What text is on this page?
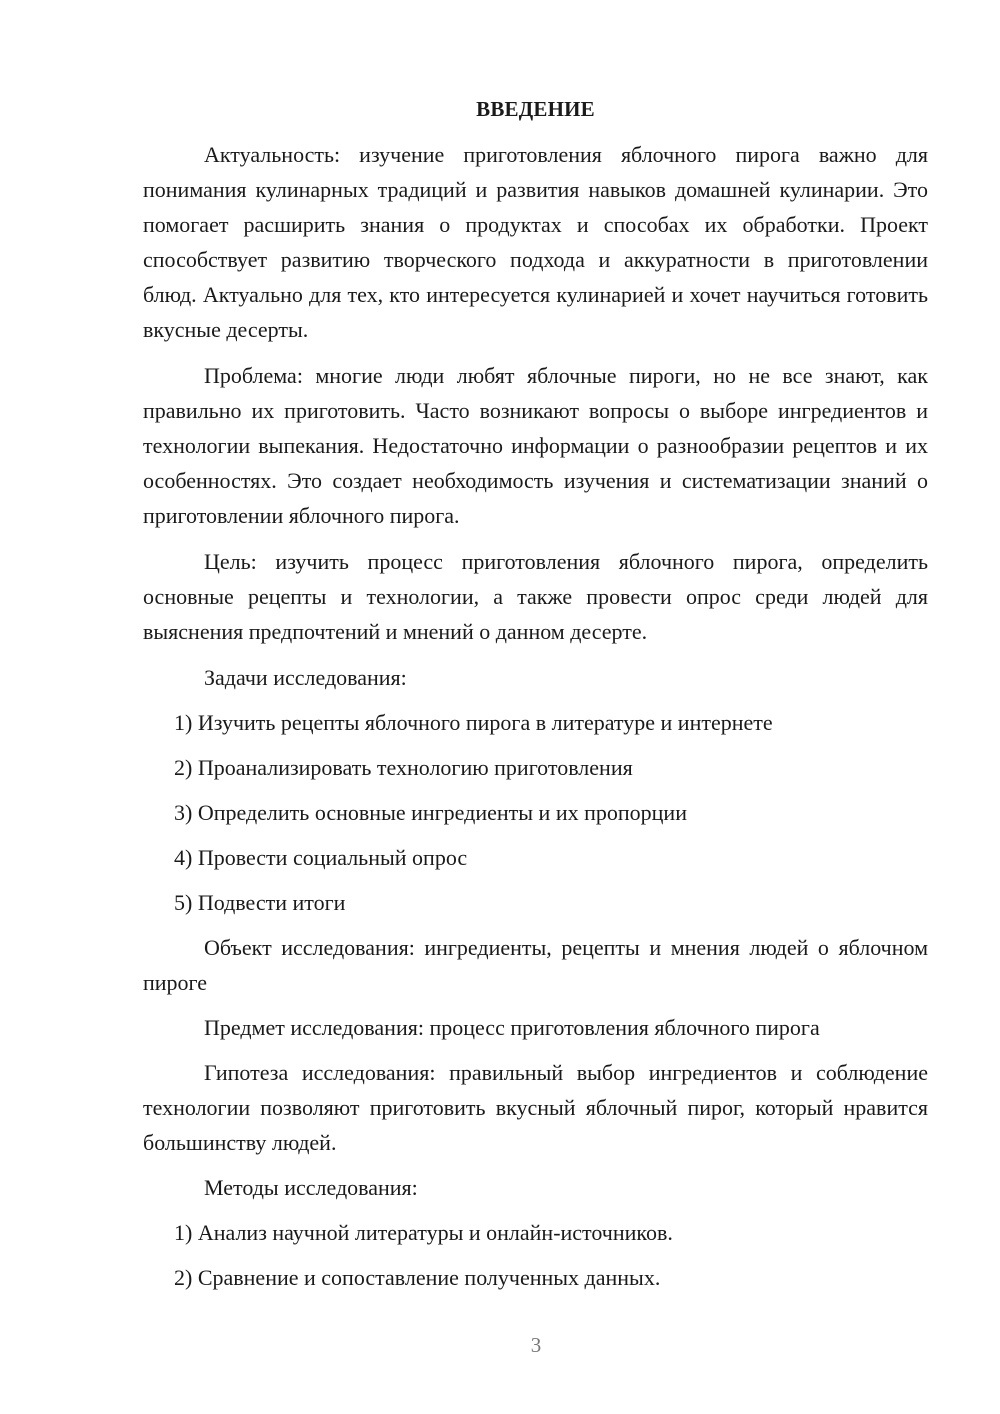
ВВЕДЕНИЕ

Актуальность: изучение приготовления яблочного пирога важно для понимания кулинарных традиций и развития навыков домашней кулинарии. Это помогает расширить знания о продуктах и способах их обработки. Проект способствует развитию творческого подхода и аккуратности в приготовлении блюд. Актуально для тех, кто интересуется кулинарией и хочет научиться готовить вкусные десерты.

Проблема: многие люди любят яблочные пироги, но не все знают, как правильно их приготовить. Часто возникают вопросы о выборе ингредиентов и технологии выпекания. Недостаточно информации о разнообразии рецептов и их особенностях. Это создает необходимость изучения и систематизации знаний о приготовлении яблочного пирога.

Цель: изучить процесс приготовления яблочного пирога, определить основные рецепты и технологии, а также провести опрос среди людей для выяснения предпочтений и мнений о данном десерте.

Задачи исследования:

1) Изучить рецепты яблочного пирога в литературе и интернете

2) Проанализировать технологию приготовления

3) Определить основные ингредиенты и их пропорции

4) Провести социальный опрос

5) Подвести итоги

Объект исследования: ингредиенты, рецепты и мнения людей о яблочном пироге

Предмет исследования: процесс приготовления яблочного пирога

Гипотеза исследования: правильный выбор ингредиентов и соблюдение технологии позволяют приготовить вкусный яблочный пирог, который нравится большинству людей.

Методы исследования:

1) Анализ научной литературы и онлайн-источников.

2) Сравнение и сопоставление полученных данных.

3
